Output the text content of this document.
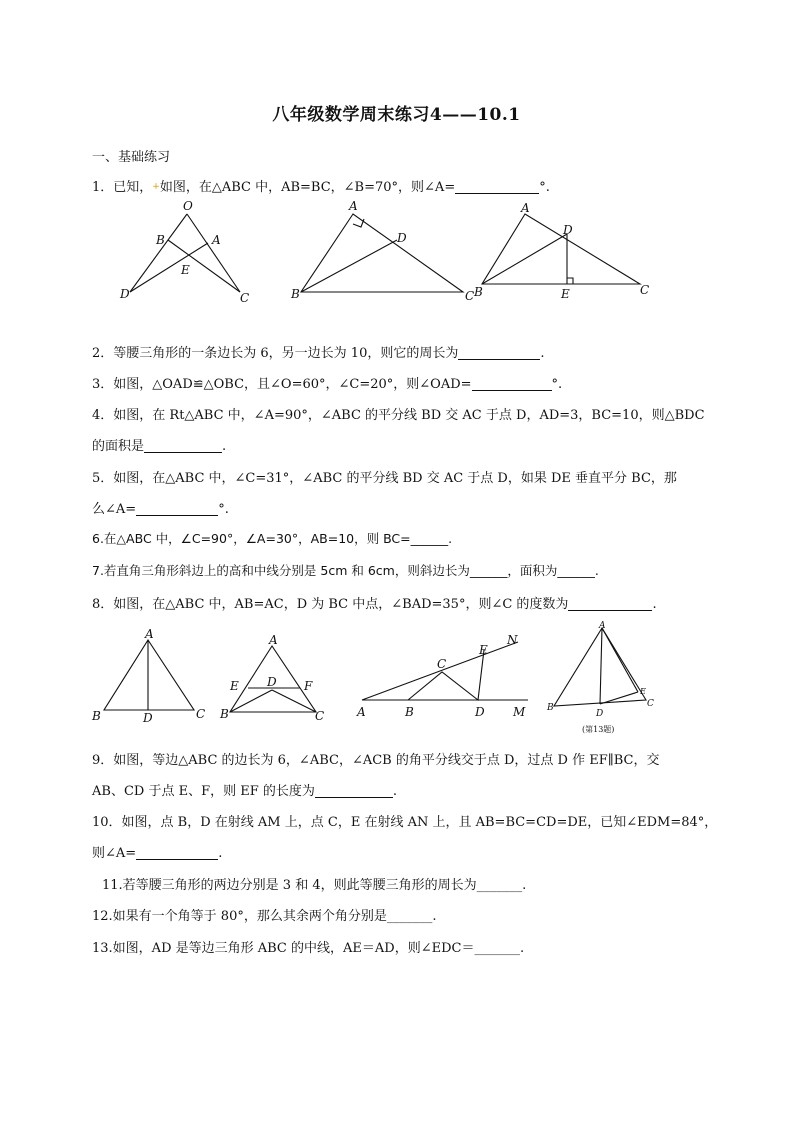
八年级数学周末练习4——10.1
一、基础练习
1．已知，+如图，在△ABC 中，AB=BC，∠B=70°，则∠A=	°.
O
B	A
E
D	C
A
D
B	C
A
D
B	E	C
2．等腰三角形的一条边长为 6，另一边长为 10，则它的周长为	.
3．如图，△OAD≌△OBC，且∠O=60°，∠C=20°，则∠OAD=	°.
4．如图，在 Rt△ABC 中，∠A=90°，∠ABC 的平分线 BD 交 AC 于点 D，AD=3，BC=10，则△BDC
的面积是	.
5．如图，在△ABC 中，∠C=31°，∠ABC 的平分线 BD 交 AC 于点 D，如果 DE 垂直平分 BC，那
么∠A=	°.
6.在△ABC 中，∠C=90°，∠A=30°，AB=10，则 BC=______.
7.若直角三角形斜边上的高和中线分别是 5cm 和 6cm，则斜边长为______，面积为______.
8．如图，在△ABC 中，AB=AC，D 为 BC 中点，∠BAD=35°，则∠C 的度数为	.
A
B	D	C
A
D
E	F
B	C
N
E
C
A	B	D M
A
E
B
D
C
(第13题)
9．如图，等边△ABC 的边长为 6，∠ABC，∠ACB 的角平分线交于点 D，过点 D 作 EF∥BC，交
AB、CD 于点 E、F，则 EF 的长度为	.
10．如图，点 B，D 在射线 AM 上，点 C，E 在射线 AN 上，且 AB=BC=CD=DE，已知∠EDM=84°，
则∠A=	.
11.若等腰三角形的两边分别是 3 和 4，则此等腰三角形的周长为_______.
12.如果有一个角等于 80°，那么其余两个角分别是_______.
13.如图，AD 是等边三角形 ABC 的中线，AE＝AD，则∠EDC＝_______.
